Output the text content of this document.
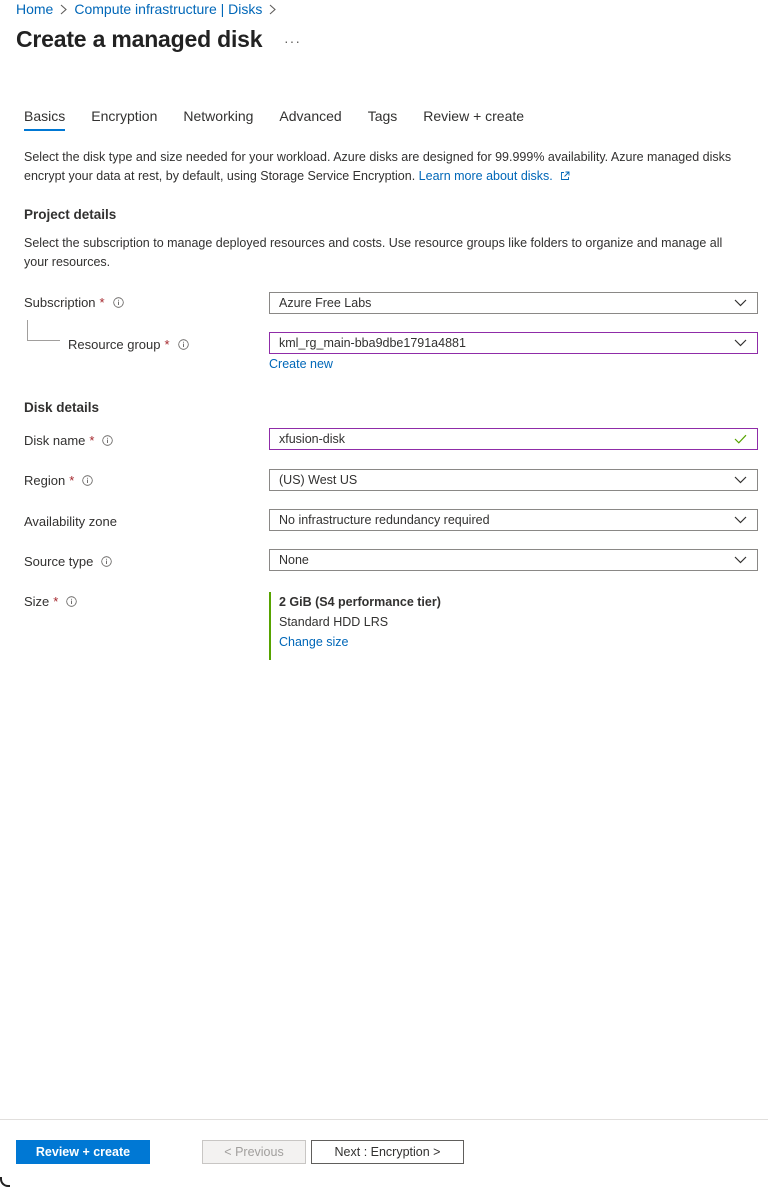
Home Compute infrastructure | Disks
Create a managed disk ···
Basics Encryption Networking Advanced Tags Review + create
Select the disk type and size needed for your workload. Azure disks are designed for 99.999% availability. Azure managed disks encrypt your data at rest, by default, using Storage Service Encryption. Learn more about disks.
Project details
Select the subscription to manage deployed resources and costs. Use resource groups like folders to organize and manage all your resources.
Subscription *	Azure Free Labs
Resource group *	kml_rg_main-bba9dbe1791a4881
Create new
Disk details
Disk name *	xfusion-disk
Region *	(US) West US
Availability zone	No infrastructure redundancy required
Source type	None
Size *	2 GiB (S4 performance tier)
Standard HDD LRS
Change size
Review + create	< Previous	Next : Encryption >
